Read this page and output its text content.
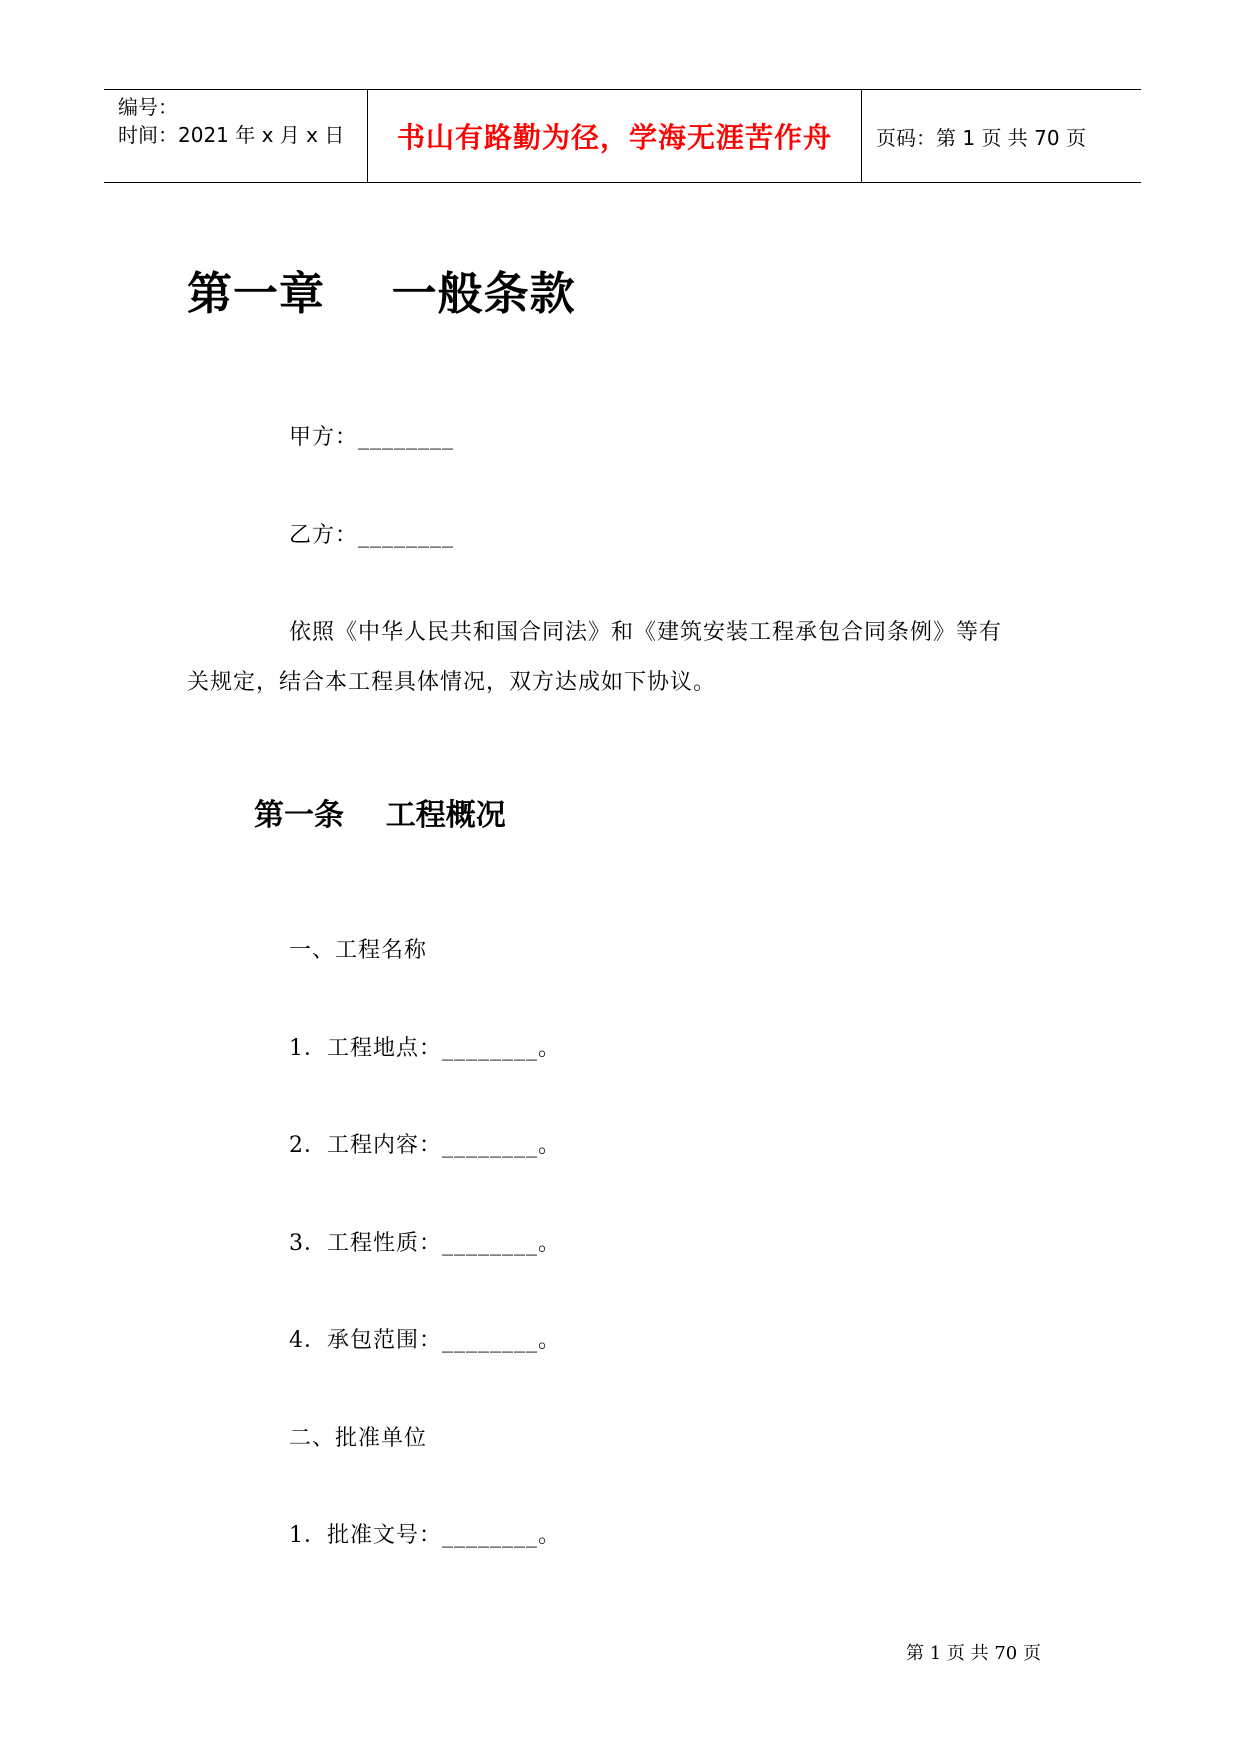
编号：
时间：2021 年 x 月 x 日	书山有路勤为径，学海无涯苦作舟 页码：第 1 页 共 70 页
第一章    一般条款
甲方：________
乙方：________
依照《中华人民共和国合同法》和《建筑安装工程承包合同条例》等有
关规定，结合本工程具体情况，双方达成如下协议。
第一条    工程概况
一、工程名称
1．工程地点：________。
2．工程内容：________。
3．工程性质：________。
4．承包范围：________。
二、批准单位
1．批准文号：________。
第 1 页 共 70 页
